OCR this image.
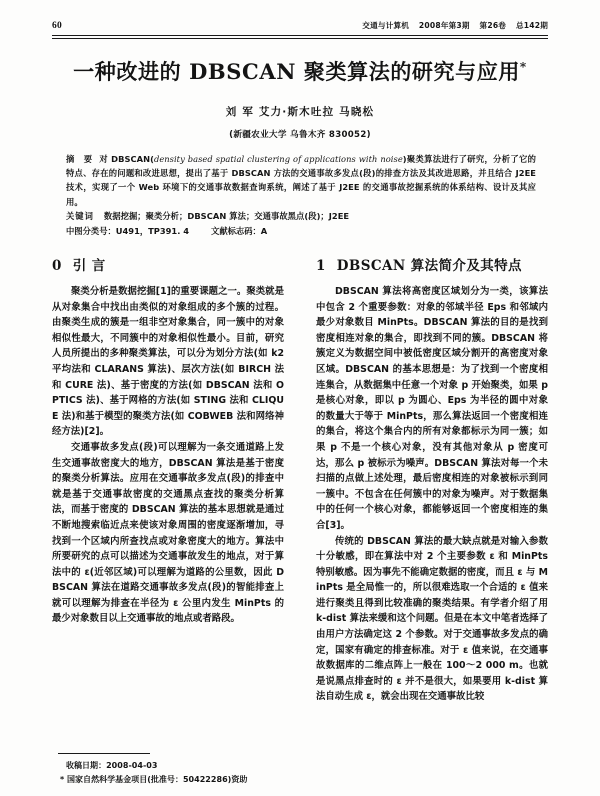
60	交通与计算机 2008年第3期 第26卷 总142期
一种改进的 DBSCAN 聚类算法的研究与应用*
刘 军 艾力·斯木吐拉 马晓松
(新疆农业大学 乌鲁木齐 830052)
摘 要 对 DBSCAN(density based spatial clustering of applications with noise)聚类算法进行了研究，分析了它的特点、存在的问题和改进思想，提出了基于 DBSCAN 方法的交通事故多发点(段)的排查方法及其改进思路，并且结合 J2EE 技术，实现了一个 Web 环境下的交通事故数据查询系统，阐述了基于 J2EE 的交通事故挖掘系统的体系结构、设计及其应用。
关键词 数据挖掘；聚类分析；DBSCAN 算法；交通事故黑点(段)；J2EE
中图分类号：U491，TP391. 4	文献标志码：A
0 引 言

聚类分析是数据挖掘[1]的重要课题之一。聚类就是从对象集合中找出由类似的对象组成的多个簇的过程。由聚类生成的簇是一组非空对象集合，同一簇中的对象相似性最大，不同簇中的对象相似性最小。目前，研究人员所提出的多种聚类算法，可以分为划分方法(如 k2 平均法和 CLARANS 算法)、层次方法(如 BIRCH 法和 CURE 法)、基于密度的方法(如 DBSCAN 法和 OPTICS 法)、基于网格的方法(如 STING 法和 CLIQUE 法)和基于模型的聚类方法(如 COBWEB 法和网络神经方法)[2]。

交通事故多发点(段)可以理解为一条交通道路上发生交通事故密度大的地方，DBSCAN 算法是基于密度的聚类分析算法。应用在交通事故多发点(段)的排查中就是基于交通事故密度的交通黑点查找的聚类分析算法，而基于密度的 DBSCAN 算法的基本思想就是通过不断地搜索临近点来使该对象周围的密度逐渐增加，寻找到一个区域内所查找点或对象密度大的地方。算法中所要研究的点可以描述为交通事故发生的地点，对于算法中的 ε(近邻区域)可以理解为道路的公里数，因此 DBSCAN 算法在道路交通事故多发点(段)的智能排查上就可以理解为排查在半径为 ε 公里内发生 MinPts 的最少对象数目以上交通事故的地点或者路段。

收稿日期：2008-04-03
* 国家自然科学基金项目(批准号：50422286)资助
1 DBSCAN 算法简介及其特点

DBSCAN 算法将高密度区域划分为一类，该算法中包含 2 个重要参数：对象的邻域半径 Eps 和邻域内最少对象数目 MinPts。DBSCAN 算法的目的是找到密度相连对象的集合，即找到不同的簇。DBSCAN 将簇定义为数据空间中被低密度区域分割开的高密度对象区域。DBSCAN 的基本思想是：为了找到一个密度相连集合，从数据集中任意一个对象 p 开始聚类，如果 p 是核心对象，即以 p 为圆心、Eps 为半径的圆中对象的数量大于等于 MinPts，那么算法返回一个密度相连的集合，将这个集合内的所有对象都标示为同一簇；如果 p 不是一个核心对象，没有其他对象从 p 密度可达，那么 p 被标示为噪声。DBSCAN 算法对每一个未扫描的点做上述处理，最后密度相连的对象被标示到同一簇中。不包含在任何簇中的对象为噪声。对于数据集中的任何一个核心对象，都能够返回一个密度相连的集合[3]。

传统的 DBSCAN 算法的最大缺点就是对输入参数十分敏感，即在算法中对 2 个主要参数 ε 和 MinPts 特别敏感。因为事先不能确定数据的密度，而且 ε 与 MinPts 是全局惟一的，所以很难选取一个合适的 ε 值来进行聚类且得到比较准确的聚类结果。有学者介绍了用 k-dist 算法来缓和这个问题。但是在本文中笔者选择了由用户方法确定这 2 个参数。对于交通事故多发点的确定，国家有确定的排查标准。对于 ε 值来说，在交通事故数据库的二维点阵上一般在 100～2 000 m。也就是说黑点排查时的 ε 并不是很大，如果要用 k-dist 算法自动生成 ε，就会出现在交通事故比较
